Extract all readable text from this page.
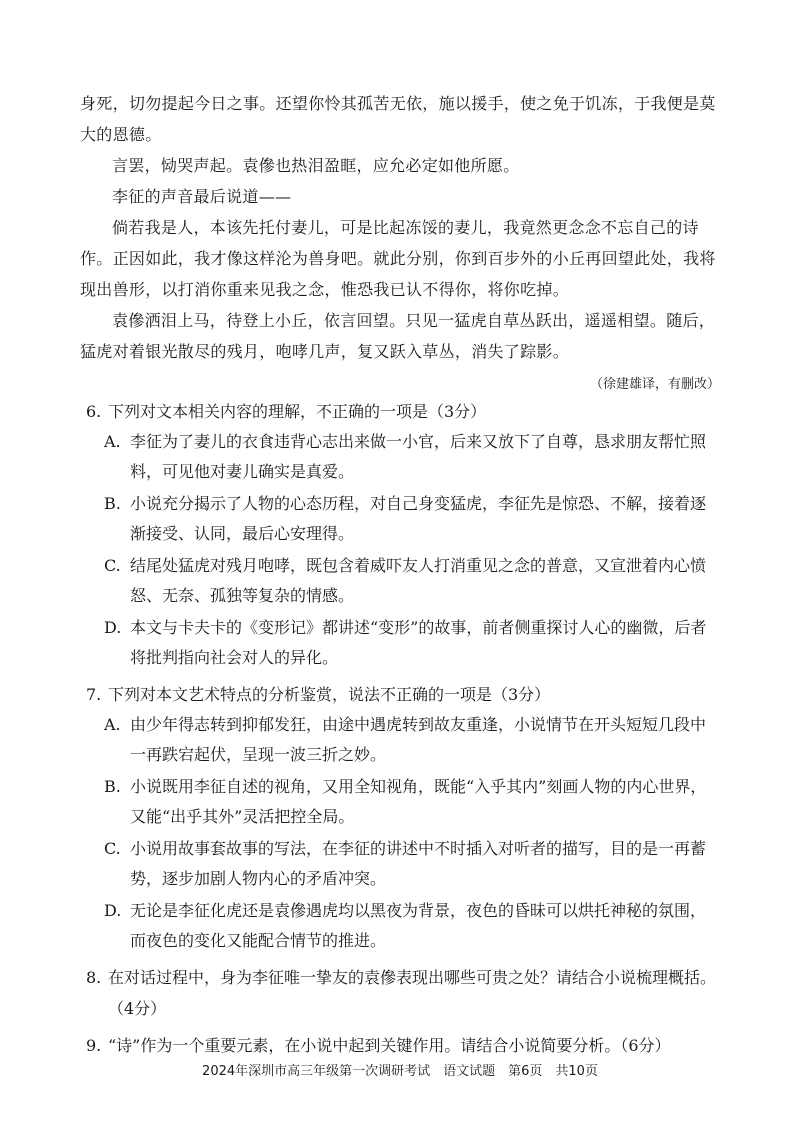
身死，切勿提起今日之事。还望你怜其孤苦无依，施以援手，使之免于饥冻，于我便是莫大的恩德。

言罢，恸哭声起。袁傪也热泪盈眶，应允必定如他所愿。

李征的声音最后说道——

倘若我是人，本该先托付妻儿，可是比起冻馁的妻儿，我竟然更念念不忘自己的诗作。正因如此，我才像这样沦为兽身吧。就此分别，你到百步外的小丘再回望此处，我将现出兽形，以打消你重来见我之念，惟恐我已认不得你，将你吃掉。

袁傪洒泪上马，待登上小丘，依言回望。只见一猛虎自草丛跃出，遥遥相望。随后，猛虎对着银光散尽的残月，咆哮几声，复又跃入草丛，消失了踪影。

（徐建雄译，有删改）

6. 下列对文本相关内容的理解，不正确的一项是（3分）
A. 李征为了妻儿的衣食违背心志出来做一小官，后来又放下了自尊，恳求朋友帮忙照料，可见他对妻儿确实是真爱。
B. 小说充分揭示了人物的心态历程，对自己身变猛虎，李征先是惊恐、不解，接着逐渐接受、认同，最后心安理得。
C. 结尾处猛虎对残月咆哮，既包含着威吓友人打消重见之念的普意，又宣泄着内心愤怒、无奈、孤独等复杂的情感。
D. 本文与卡夫卡的《变形记》都讲述“变形”的故事，前者侧重探讨人心的幽微，后者将批判指向社会对人的异化。
7. 下列对本文艺术特点的分析鉴赏，说法不正确的一项是（3分）
A. 由少年得志转到抑郁发狂，由途中遇虎转到故友重逢，小说情节在开头短短几段中一再跌宕起伏，呈现一波三折之妙。
B. 小说既用李征自述的视角，又用全知视角，既能“入乎其内”刻画人物的内心世界，又能“出乎其外”灵活把控全局。
C. 小说用故事套故事的写法，在李征的讲述中不时插入对听者的描写，目的是一再蓄势，逐步加剧人物内心的矛盾冲突。
D. 无论是李征化虎还是袁傪遇虎均以黑夜为背景，夜色的昏昧可以烘托神秘的氛围，而夜色的变化又能配合情节的推进。
8. 在对话过程中，身为李征唯一挚友的袁傪表现出哪些可贵之处？请结合小说梳理概括。（4分）
9. “诗”作为一个重要元素，在小说中起到关键作用。请结合小说简要分析。（6分）
2024年深圳市高三年级第一次调研考试　语文试题　第6页　共10页
